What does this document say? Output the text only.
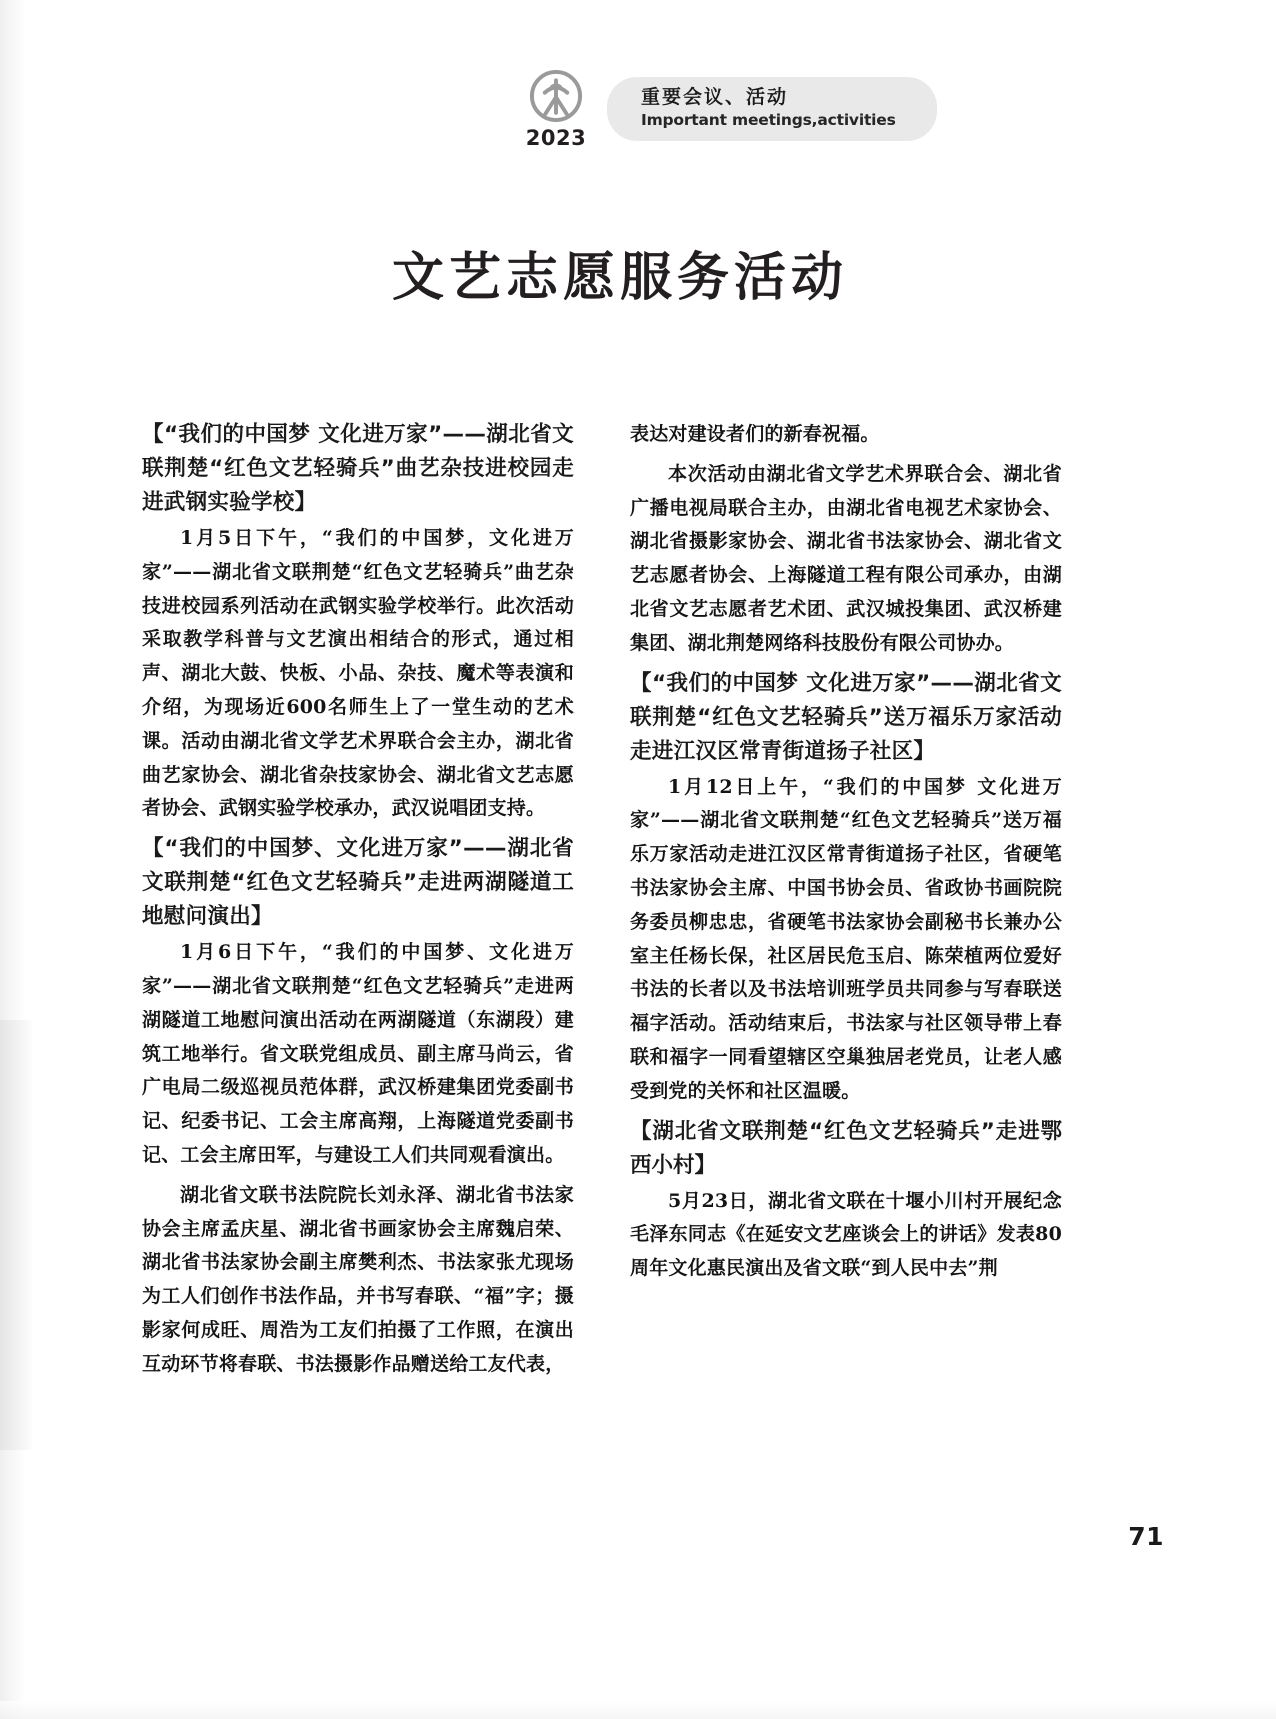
2023
重要会议、活动
Important meetings,activities
文艺志愿服务活动
【“我们的中国梦 文化进万家”——湖北省文联荆楚“红色文艺轻骑兵”曲艺杂技进校园走进武钢实验学校】

1月5日下午，“我们的中国梦，文化进万家”——湖北省文联荆楚“红色文艺轻骑兵”曲艺杂技进校园系列活动在武钢实验学校举行。此次活动采取教学科普与文艺演出相结合的形式，通过相声、湖北大鼓、快板、小品、杂技、魔术等表演和介绍，为现场近600名师生上了一堂生动的艺术课。活动由湖北省文学艺术界联合会主办，湖北省曲艺家协会、湖北省杂技家协会、湖北省文艺志愿者协会、武钢实验学校承办，武汉说唱团支持。

【“我们的中国梦、文化进万家”——湖北省文联荆楚“红色文艺轻骑兵”走进两湖隧道工地慰问演出】

1月6日下午，“我们的中国梦、文化进万家”——湖北省文联荆楚“红色文艺轻骑兵”走进两湖隧道工地慰问演出活动在两湖隧道（东湖段）建筑工地举行。省文联党组成员、副主席马尚云，省广电局二级巡视员范体群，武汉桥建集团党委副书记、纪委书记、工会主席高翔，上海隧道党委副书记、工会主席田军，与建设工人们共同观看演出。

湖北省文联书法院院长刘永泽、湖北省书法家协会主席孟庆星、湖北省书画家协会主席魏启荣、湖北省书法家协会副主席樊利杰、书法家张尤现场为工人们创作书法作品，并书写春联、“福”字；摄影家何成旺、周浩为工友们拍摄了工作照，在演出互动环节将春联、书法摄影作品赠送给工友代表，

表达对建设者们的新春祝福。

本次活动由湖北省文学艺术界联合会、湖北省广播电视局联合主办，由湖北省电视艺术家协会、湖北省摄影家协会、湖北省书法家协会、湖北省文艺志愿者协会、上海隧道工程有限公司承办，由湖北省文艺志愿者艺术团、武汉城投集团、武汉桥建集团、湖北荆楚网络科技股份有限公司协办。

【“我们的中国梦 文化进万家”——湖北省文联荆楚“红色文艺轻骑兵”送万福乐万家活动走进江汉区常青街道扬子社区】

1月12日上午，“我们的中国梦 文化进万家”——湖北省文联荆楚“红色文艺轻骑兵”送万福乐万家活动走进江汉区常青街道扬子社区，省硬笔书法家协会主席、中国书协会员、省政协书画院院务委员柳忠忠，省硬笔书法家协会副秘书长兼办公室主任杨长保，社区居民危玉启、陈荣植两位爱好书法的长者以及书法培训班学员共同参与写春联送福字活动。活动结束后，书法家与社区领导带上春联和福字一同看望辖区空巢独居老党员，让老人感受到党的关怀和社区温暖。

【湖北省文联荆楚“红色文艺轻骑兵”走进鄂西小村】

5月23日，湖北省文联在十堰小川村开展纪念毛泽东同志《在延安文艺座谈会上的讲话》发表80周年文化惠民演出及省文联“到人民中去”荆

71
